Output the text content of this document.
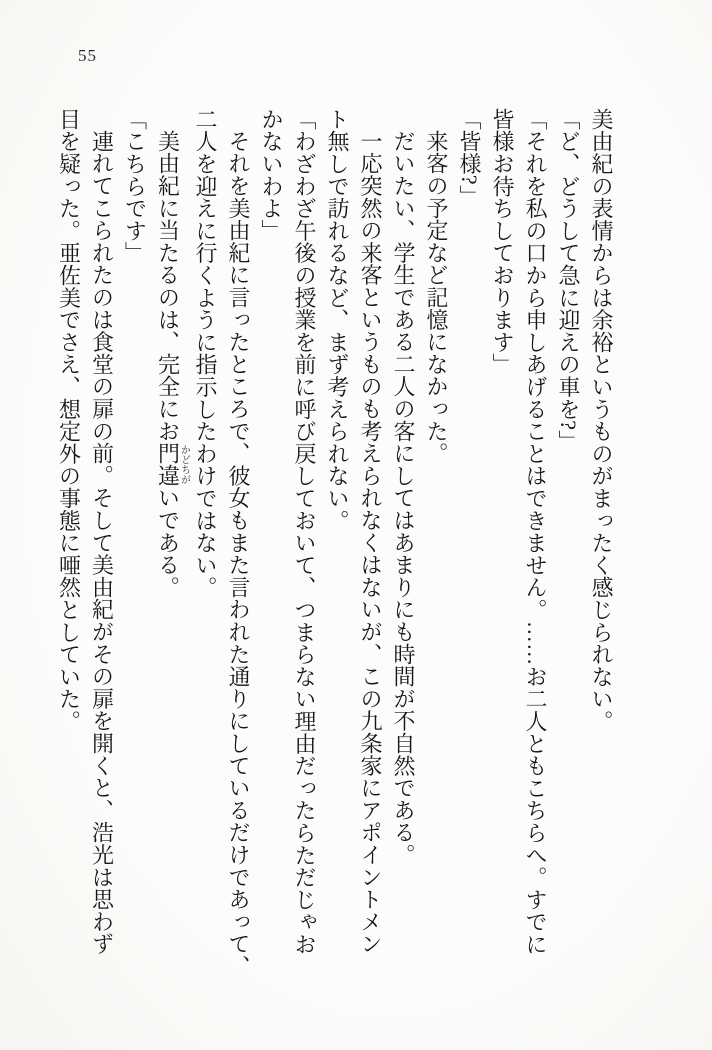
55

美由紀の表情からは余裕というものがまったく感じられない。

「ど、どうして急に迎えの車を?」

「それを私の口から申しあげることはできません。……お二人ともこちらへ。すでに

皆様お待ちしております」

「皆様?」

来客の予定など記憶になかった。

だいたい、学生である二人の客にしてはあまりにも時間が不自然である。

一応突然の来客というものも考えられなくはないが、この九条家にアポイントメン

ト無しで訪れるなど、まず考えられない。

「わざわざ午後の授業を前に呼び戻しておいて、つまらない理由だったらただじゃお

かないわよ」

それを美由紀に言ったところで、彼女もまた言われた通りにしているだけであって、

二人を迎えに行くように指示したわけではない。

美由紀に当たるのは、完全にお門違かどちがいである。

「こちらです」

連れてこられたのは食堂の扉の前。そして美由紀がその扉を開くと、浩光は思わず

目を疑った。亜佐美でさえ、想定外の事態に唖然としていた。
